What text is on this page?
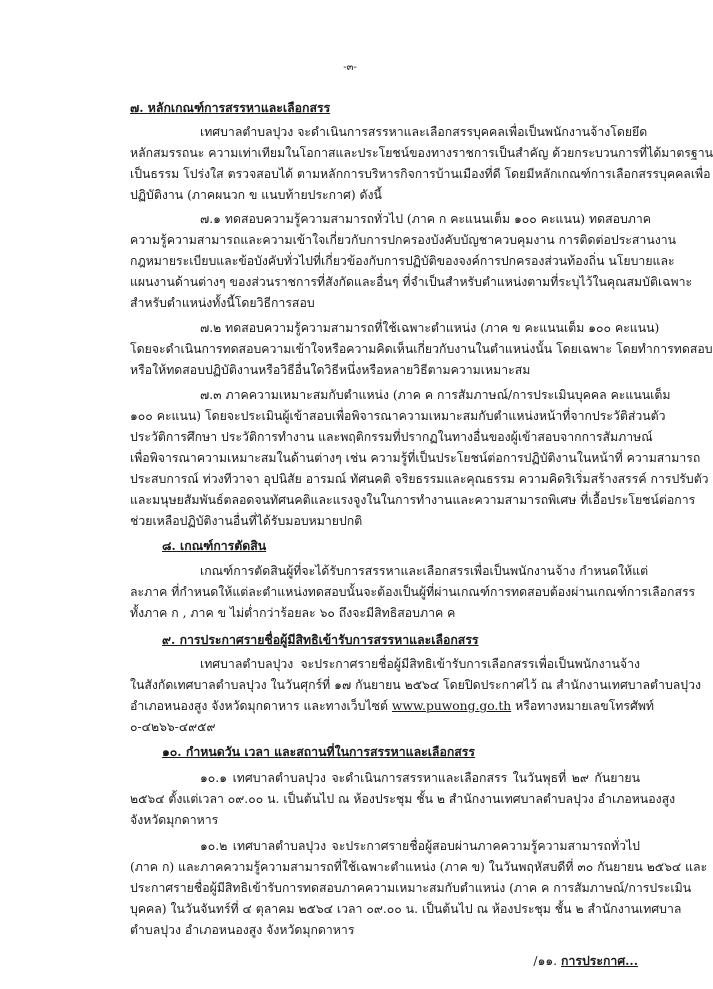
-๓-
๗. หลักเกณฑ์การสรรหาและเลือกสรร
เทศบาลตำบลปุวง จะดำเนินการสรรหาและเลือกสรรบุคคลเพื่อเป็นพนักงานจ้างโดยยึด
หลักสมรรถนะ ความเท่าเทียมในโอกาสและประโยชน์ของทางราชการเป็นสำคัญ ด้วยกระบวนการที่ได้มาตรฐาน
เป็นธรรม โปร่งใส ตรวจสอบได้ ตามหลักการบริหารกิจการบ้านเมืองที่ดี โดยมีหลักเกณฑ์การเลือกสรรบุคคลเพื่อ
ปฏิบัติงาน (ภาคผนวก ข แนบท้ายประกาศ) ดังนี้
๗.๑ ทดสอบความรู้ความสามารถทั่วไป (ภาค ก คะแนนเต็ม ๑๐๐ คะแนน) ทดสอบภาค
ความรู้ความสามารถและความเข้าใจเกี่ยวกับการปกครองบังคับบัญชาควบคุมงาน การติดต่อประสานงาน
กฎหมายระเบียบและข้อบังคับทั่วไปที่เกี่ยวข้องกับการปฏิบัติของจงค์การปกครองส่วนท้องถิ่น นโยบายและ
แผนงานด้านต่างๆ ของส่วนราชการที่สังกัดและอื่นๆ ที่จำเป็นสำหรับตำแหน่งตามที่ระบุไว้ในคุณสมบัติเฉพาะ
สำหรับตำแหน่งทั้งนี้โดยวิธีการสอบ
๗.๒ ทดสอบความรู้ความสามารถที่ใช้เฉพาะตำแหน่ง (ภาค ข คะแนนเต็ม ๑๐๐ คะแนน)
โดยจะดำเนินการทดสอบความเข้าใจหรือความคิดเห็นเกี่ยวกับงานในตำแหน่งนั้น โดยเฉพาะ โดยทำการทดสอบ
หรือให้ทดสอบปฏิบัติงานหรือวิธีอื่นใดวิธีหนึ่งหรือหลายวิธีตามความเหมาะสม
๗.๓ ภาคความเหมาะสมกับตำแหน่ง (ภาค ค การสัมภาษณ์/การประเมินบุคคล คะแนนเต็ม
๑๐๐ คะแนน) โดยจะประเมินผู้เข้าสอบเพื่อพิจารณาความเหมาะสมกับตำแหน่งหน้าที่จากประวัติส่วนตัว
ประวัติการศึกษา ประวัติการทำงาน และพฤติกรรมที่ปรากฏในทางอื่นของผู้เข้าสอบจากการสัมภาษณ์
เพื่อพิจารณาความเหมาะสมในด้านต่างๆ เช่น ความรู้ที่เป็นประโยชน์ต่อการปฏิบัติงานในหน้าที่ ความสามารถ
ประสบการณ์ ท่วงทีวาจา อุปนิสัย อารมณ์ ทัศนคติ จริยธรรมและคุณธรรม ความคิดริเริ่มสร้างสรรค์ การปรับตัว
และมนุษยสัมพันธ์ตลอดจนทัศนคติและแรงจูงในในการทำงานและความสามารถพิเศษ ที่เอื้อประโยชน์ต่อการ
ช่วยเหลือปฏิบัติงานอื่นที่ได้รับมอบหมายปกติ
๘. เกณฑ์การตัดสิน
เกณฑ์การตัดสินผู้ที่จะได้รับการสรรหาและเลือกสรรเพื่อเป็นพนักงานจ้าง กำหนดให้แต่
ละภาค ที่กำหนดให้แต่ละตำแหน่งทดสอบนั้นจะต้องเป็นผู้ที่ผ่านเกณฑ์การทดสอบต้องผ่านเกณฑ์การเลือกสรร
ทั้งภาค ก , ภาค ข ไม่ต่ำกว่าร้อยละ ๖๐ ถึงจะมีสิทธิสอบภาค ค
๙. การประกาศรายชื่อผู้มีสิทธิเข้ารับการสรรหาและเลือกสรร
เทศบาลตำบลปุวง จะประกาศรายชื่อผู้มีสิทธิเข้ารับการเลือกสรรเพื่อเป็นพนักงานจ้าง
ในสังกัดเทศบาลตำบลปุวง ในวันศุกร์ที่ ๑๗ กันยายน ๒๕๖๔ โดยปิดประกาศไว้ ณ สำนักงานเทศบาลตำบลปุวง
อำเภอหนองสูง จังหวัดมุกดาหาร และทางเว็บไซต์ www.puwong.go.th หรือทางหมายเลขโทรศัพท์
๐-๔๒๖๖-๔๙๕๙
๑๐. กำหนดวัน เวลา และสถานที่ในการสรรหาและเลือกสรร
๑๐.๑ เทศบาลตำบลปุวง จะดำเนินการสรรหาและเลือกสรร ในวันพุธที่ ๒๙ กันยายน
๒๕๖๔ ตั้งแต่เวลา ๐๙.๐๐ น. เป็นต้นไป ณ ห้องประชุม ชั้น ๒ สำนักงานเทศบาลตำบลปุวง อำเภอหนองสูง
จังหวัดมุกดาหาร
๑๐.๒ เทศบาลตำบลปุวง จะประกาศรายชื่อผู้สอบผ่านภาคความรู้ความสามารถทั่วไป
(ภาค ก) และภาคความรู้ความสามารถที่ใช้เฉพาะตำแหน่ง (ภาค ข) ในวันพฤหัสบดีที่ ๓๐ กันยายน ๒๕๖๔ และ
ประกาศรายชื่อผู้มีสิทธิเข้ารับการทดสอบภาคความเหมาะสมกับตำแหน่ง (ภาค ค การสัมภาษณ์/การประเมิน
บุคคล) ในวันจันทร์ที่ ๔ ตุลาคม ๒๕๖๔ เวลา ๐๙.๐๐ น. เป็นต้นไป ณ ห้องประชุม ชั้น ๒ สำนักงานเทศบาล
ตำบลปุวง อำเภอหนองสูง จังหวัดมุกดาหาร
/๑๑. การประกาศ...
